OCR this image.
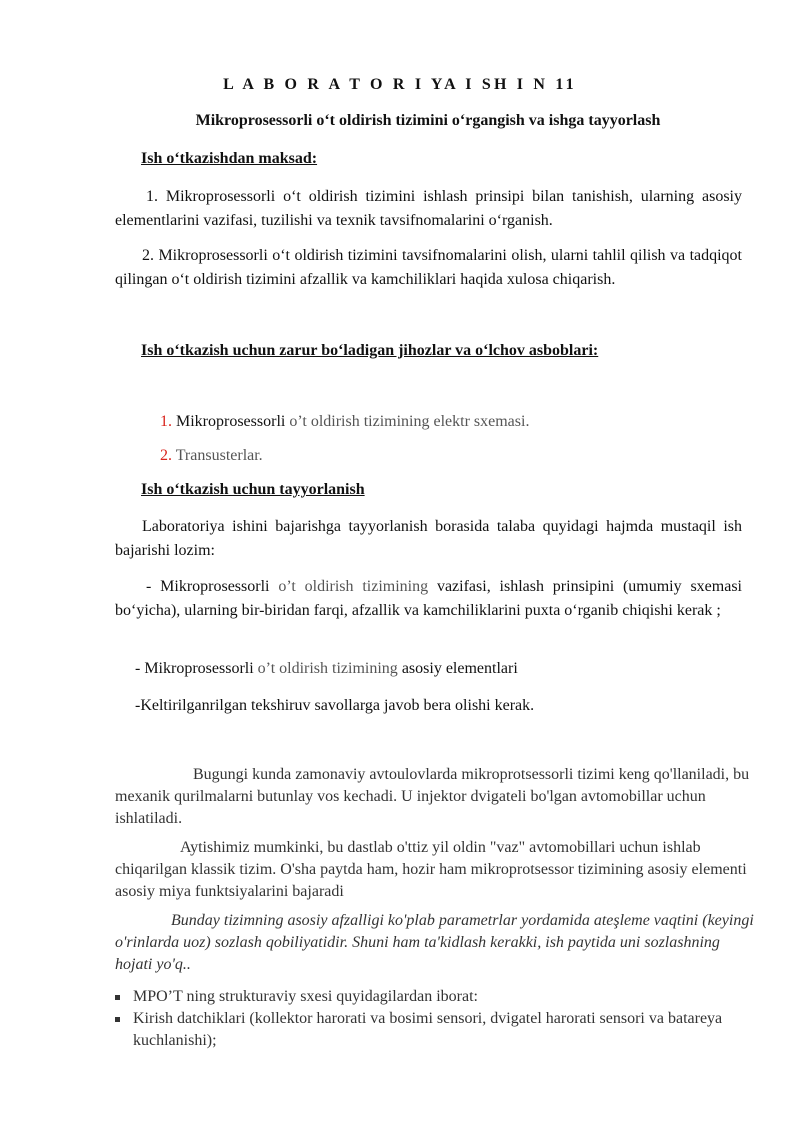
L A B O R A T O R I YA I SH I N 11
Mikroprosessorli o‘t oldirish tizimini o‘rgangish va ishga tayyorlash
Ish o‘tkazishdan maksad:
1. Mikroprosessorli o‘t oldirish tizimini ishlash prinsipi bilan tanishish, ularning asosiy elementlarini vazifasi, tuzilishi va texnik tavsifnomalarini o‘rganish.
2. Mikroprosessorli o‘t oldirish tizimini tavsifnomalarini olish, ularni tahlil qilish va tadqiqot qilingan o‘t oldirish tizimini afzallik va kamchiliklari haqida xulosa chiqarish.
Ish o‘tkazish uchun zarur bo‘ladigan jihozlar va o‘lchov asboblari:
1. Mikroprosessorli o’t oldirish tizimining elektr sxemasi.
2. Transusterlar.
Ish o‘tkazish uchun tayyorlanish
Laboratoriya ishini bajarishga tayyorlanish borasida talaba quyidagi hajmda mustaqil ish bajarishi lozim:
- Mikroprosessorli o’t oldirish tizimining vazifasi, ishlash prinsipini (umumiy sxemasi bo‘yicha), ularning bir-biridan farqi, afzallik va kamchiliklarini puxta o‘rganib chiqishi kerak ;
- Mikroprosessorli o’t oldirish tizimining asosiy elementlari
-Keltirilganrilgan tekshiruv savollarga javob bera olishi kerak.
Bugungi kunda zamonaviy avtoulovlarda mikroprotsessorli tizimi keng qo'llaniladi, bu mexanik qurilmalarni butunlay vos kechadi. U injektor dvigateli bo'lgan avtomobillar uchun ishlatiladi.
Aytishimiz mumkinki, bu dastlab o'ttiz yil oldin "vaz" avtomobillari uchun ishlab chiqarilgan klassik tizim. O'sha paytda ham, hozir ham mikroprotsessor tizimining asosiy elementi asosiy miya funktsiyalarini bajaradi
Bunday tizimning asosiy afzalligi ko'plab parametrlar yordamida ateşleme vaqtini (keyingi o'rinlarda uoz) sozlash qobiliyatidir. Shuni ham ta'kidlash kerakki, ish paytida uni sozlashning hojati yo'q..
MPO’T ning strukturaviy sxesi quyidagilardan iborat:
Kirish datchiklari (kollektor harorati va bosimi sensori, dvigatel harorati sensori va batareya kuchlanishi);
